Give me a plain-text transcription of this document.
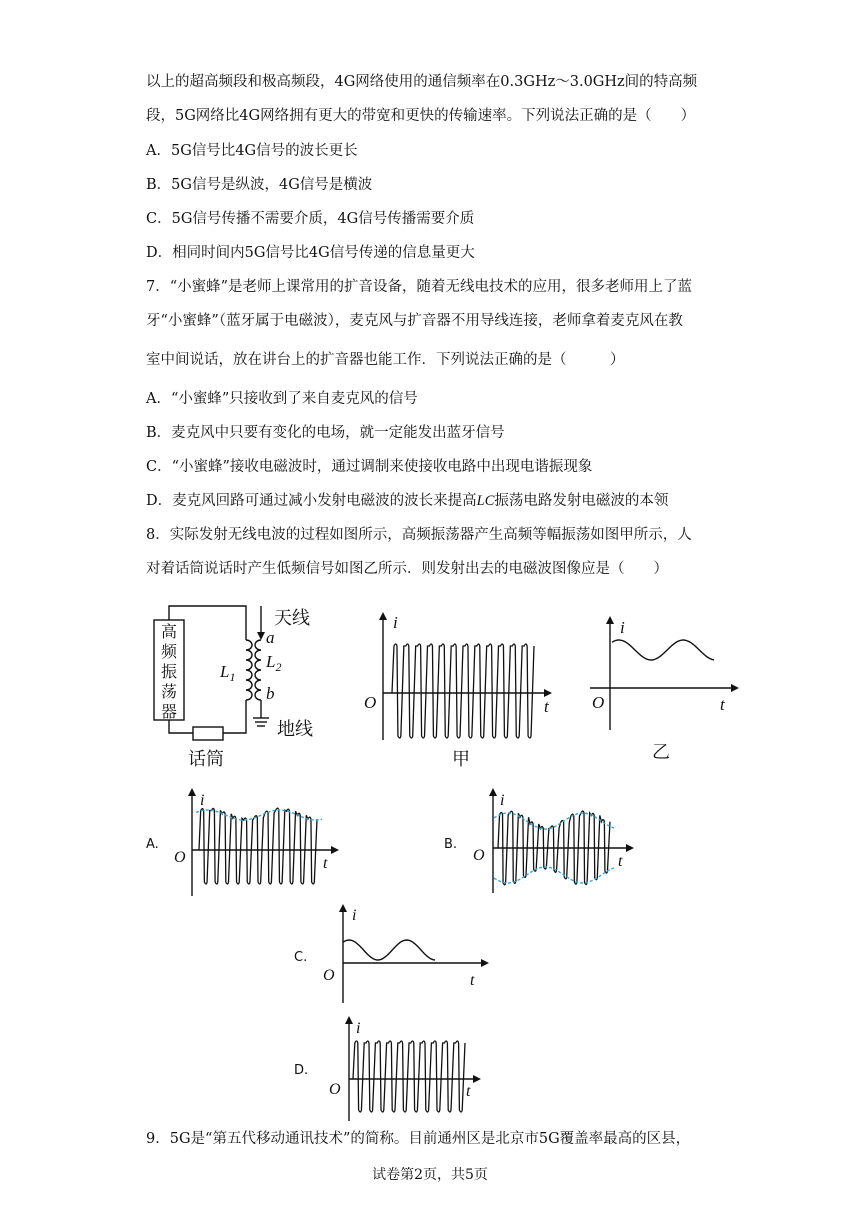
以上的超高频段和极高频段，4G网络使用的通信频率在0.3GHz～3.0GHz间的特高频
段，5G网络比4G网络拥有更大的带宽和更快的传输速率。下列说法正确的是（　　）
A．5G信号比4G信号的波长更长
B．5G信号是纵波，4G信号是横波
C．5G信号传播不需要介质，4G信号传播需要介质
D．相同时间内5G信号比4G信号传递的信息量更大
7．“小蜜蜂”是老师上课常用的扩音设备，随着无线电技术的应用，很多老师用上了蓝
牙“小蜜蜂”（蓝牙属于电磁波），麦克风与扩音器不用导线连接，老师拿着麦克风在教
室中间说话，放在讲台上的扩音器也能工作．下列说法正确的是（　　　）
A．“小蜜蜂”只接收到了来自麦克风的信号
B．麦克风中只要有变化的电场，就一定能发出蓝牙信号
C．“小蜜蜂”接收电磁波时，通过调制来使接收电路中出现电谐振现象
D．麦克风回路可通过减小发射电磁波的波长来提高LC振荡电路发射电磁波的本领
8．实际发射无线电波的过程如图所示，高频振荡器产生高频等幅振荡如图甲所示，人
对着话筒说话时产生低频信号如图乙所示．则发射出去的电磁波图像应是（　　）
9．5G是“第五代移动通讯技术”的简称。目前通州区是北京市5G覆盖率最高的区县，
试卷第2页，共5页
高频振荡器
天线
地线
话筒
$L_1$
$L_2$
a
b
i
t
O
甲
i
t
O
乙
A.
i
t
O
B.
i
t
O
C.
i
t
O
D.
i
t
O
